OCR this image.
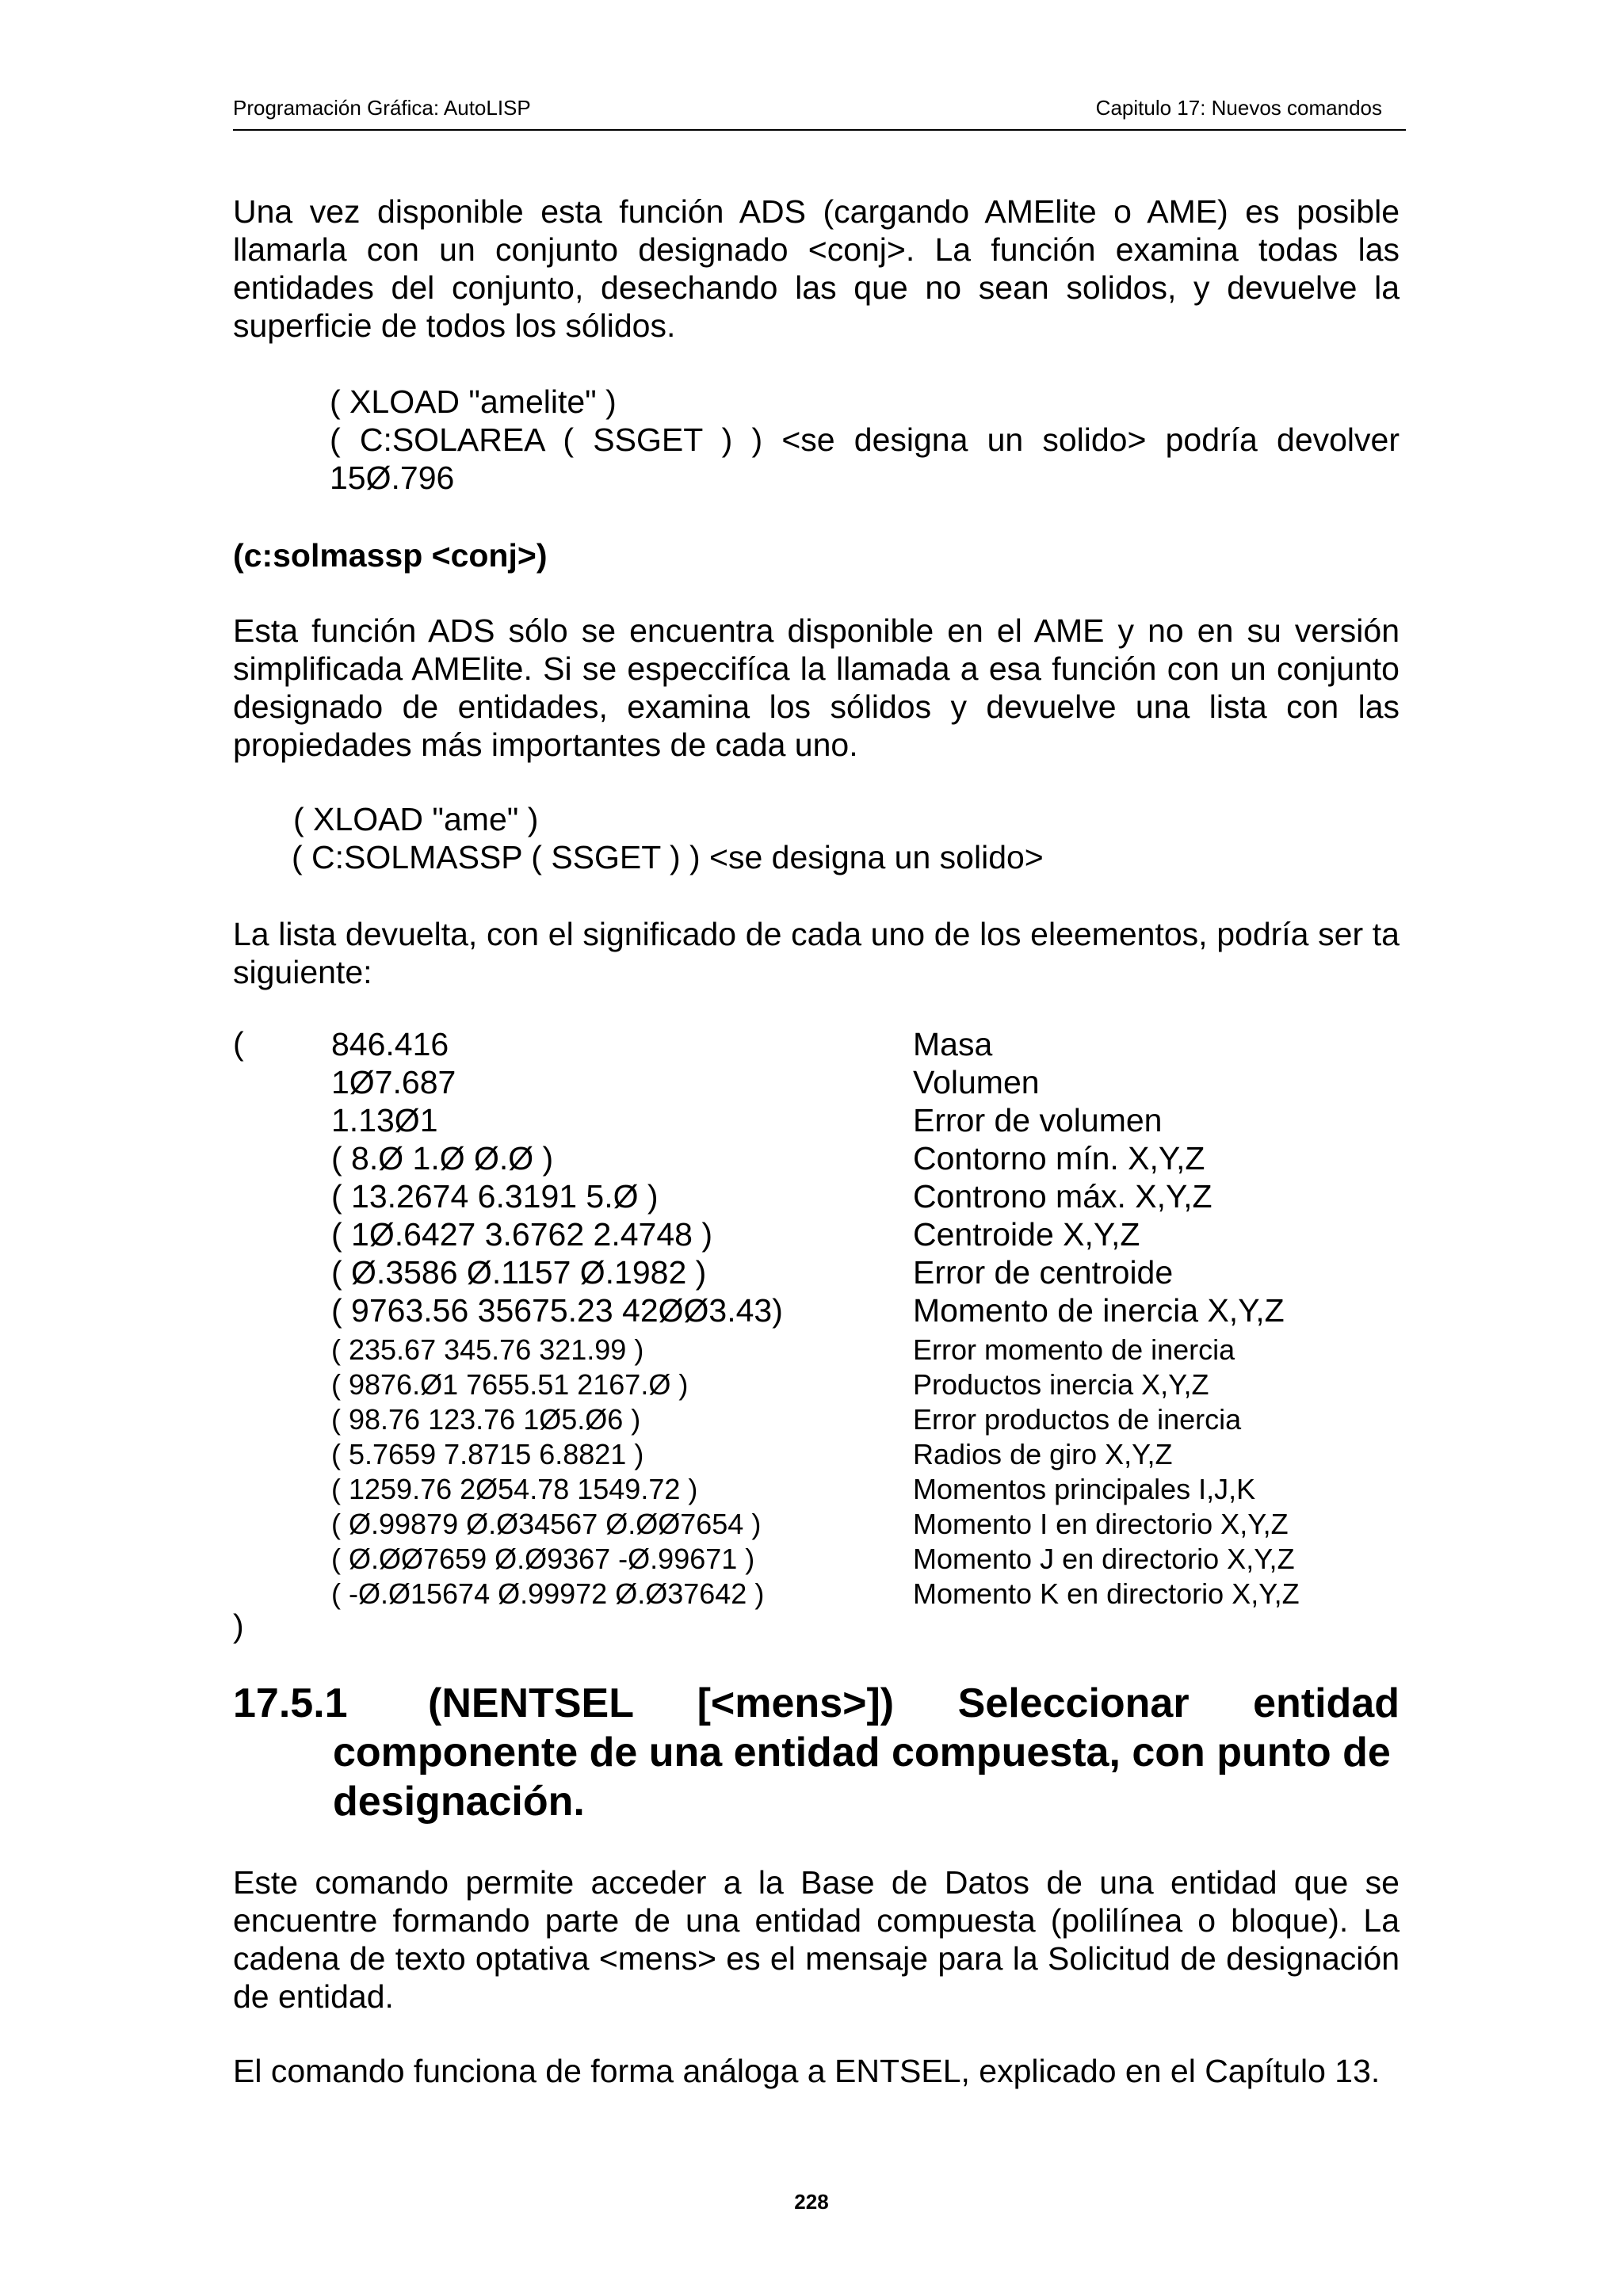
Programación Gráfica: AutoLISP	Capitulo 17: Nuevos comandos

Una vez disponible esta función ADS (cargando AMElite o AME) es posible llamarla con un conjunto designado <conj>. La función examina todas las entidades del conjunto, desechando las que no sean solidos, y devuelve la superficie de todos los sólidos.

( XLOAD "amelite" )

( C:SOLAREA ( SSGET ) ) <se designa un solido> podría devolver

15Ø.796

(c:solmassp <conj>)

Esta función ADS sólo se encuentra disponible en el AME y no en su versión simplificada AMElite. Si se especcifíca la llamada a esa función con un conjunto designado de entidades, examina los sólidos y devuelve una lista con las propiedades más importantes de cada uno.

( XLOAD "ame" )

( C:SOLMASSP ( SSGET ) ) <se designa un solido>

La lista devuelta, con el significado de cada uno de los eleementos, podría ser ta siguiente:

(	846.416	Masa
1Ø7.687	Volumen
1.13Ø1	Error de volumen
( 8.Ø 1.Ø Ø.Ø )	Contorno mín. X,Y,Z
( 13.2674 6.3191 5.Ø )	Controno máx. X,Y,Z
( 1Ø.6427 3.6762 2.4748 )	Centroide X,Y,Z
( Ø.3586 Ø.1157 Ø.1982 )	Error de centroide
( 9763.56 35675.23 42ØØ3.43)	Momento de inercia X,Y,Z
( 235.67 345.76 321.99 )	Error momento de inercia
( 9876.Ø1 7655.51 2167.Ø )	Productos inercia X,Y,Z
( 98.76 123.76 1Ø5.Ø6 )	Error productos de inercia
( 5.7659 7.8715 6.8821 )	Radios de giro X,Y,Z
( 1259.76 2Ø54.78 1549.72 )	Momentos principales I,J,K
( Ø.99879 Ø.Ø34567 Ø.ØØ7654 )	Momento I en directorio X,Y,Z
( Ø.ØØ7659 Ø.Ø9367 -Ø.99671 )	Momento J en directorio X,Y,Z
( -Ø.Ø15674 Ø.99972 Ø.Ø37642 )	Momento K en directorio X,Y,Z
)
17.5.1 (NENTSEL [<mens>]) Seleccionar entidad
componente de una entidad compuesta, con punto de
designación.

Este comando permite acceder a la Base de Datos de una entidad que se encuentre formando parte de una entidad compuesta (polilínea o bloque). La cadena de texto optativa <mens> es el mensaje para la Solicitud de designación de entidad.

El comando funciona de forma análoga a ENTSEL, explicado en el Capítulo 13.

228
